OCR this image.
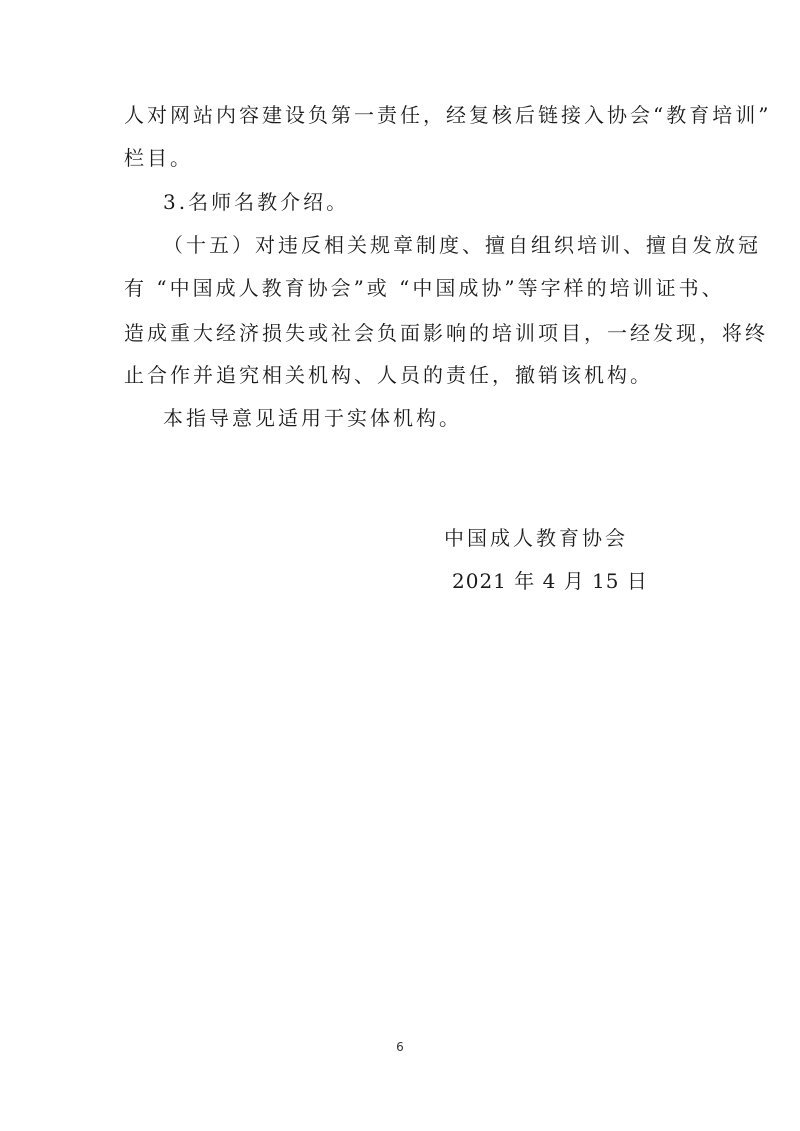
人对网站内容建设负第一责任，经复核后链接入协会“教育培训”
栏目。
3.名师名教介绍。
（十五）对违反相关规章制度、擅自组织培训、擅自发放冠
有 “中国成人教育协会”或 “中国成协”等字样的培训证书、
造成重大经济损失或社会负面影响的培训项目，一经发现，将终
止合作并追究相关机构、人员的责任，撤销该机构。
本指导意见适用于实体机构。
中国成人教育协会
2021 年 4 月 15 日
6
